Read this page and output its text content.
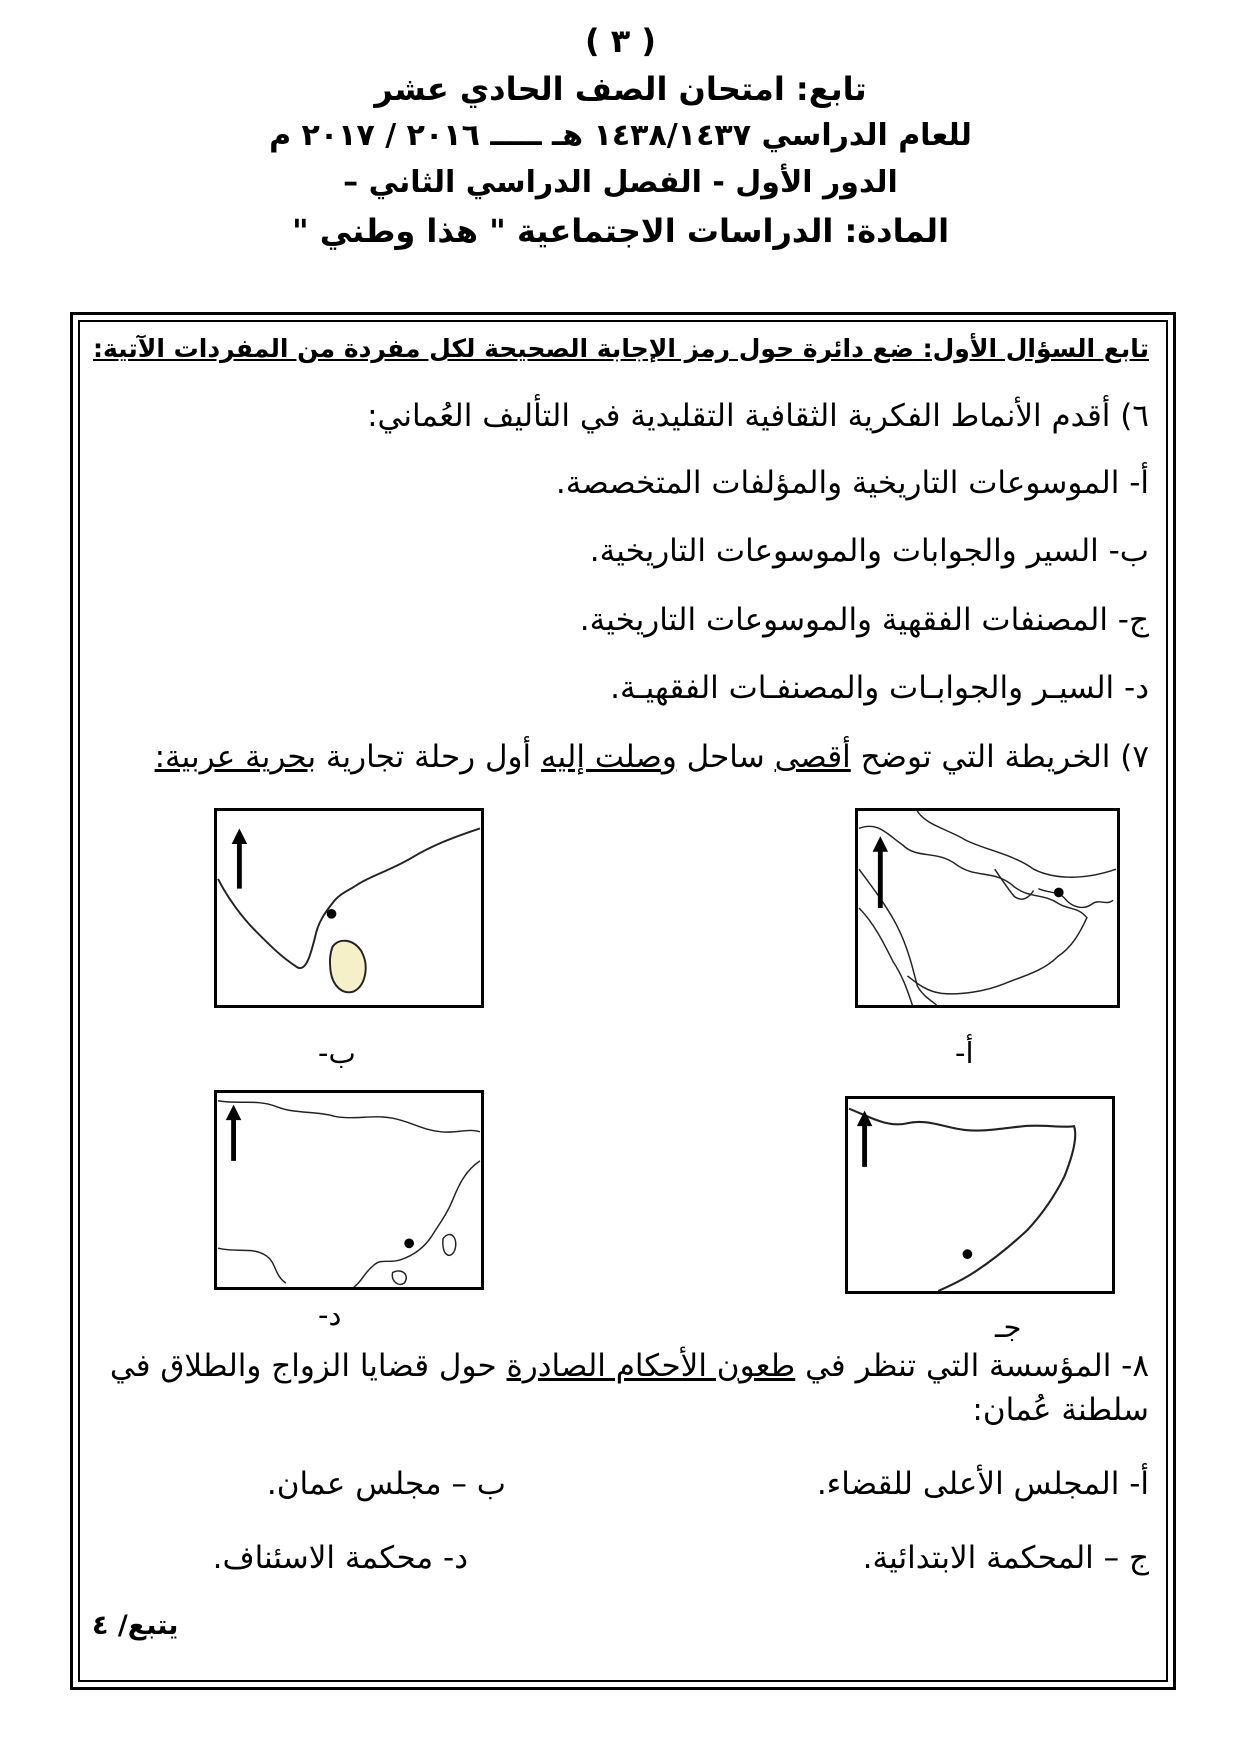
( ٣ )
تابع: امتحان الصف الحادي عشر
للعام الدراسي ١٤٣٨/١٤٣٧ هـ ـــــ ٢٠١٦ / ٢٠١٧ م
الدور الأول - الفصل الدراسي الثاني –
المادة: الدراسات الاجتماعية " هذا وطني "
تابع السؤال الأول: ضع دائرة حول رمز الإجابة الصحيحة لكل مفردة من المفردات الآتية:
٦) أقدم الأنماط الفكرية الثقافية التقليدية في التأليف العُماني:
أ- الموسوعات التاريخية والمؤلفات المتخصصة.
ب- السير والجوابات والموسوعات التاريخية.
ج- المصنفات الفقهية والموسوعات التاريخية.
د- السيـر والجوابـات والمصنفـات الفقهيـة.
٧) الخريطة التي توضح أقصى ساحل وصلت إليه أول رحلة تجارية بحرية عربية:
أ-
ب-
جـ
د-
٨- المؤسسة التي تنظر في طعون الأحكام الصادرة حول قضايا الزواج والطلاق في
سلطنة عُمان:
أ- المجلس الأعلى للقضاء.
ب – مجلس عمان.
ج – المحكمة الابتدائية.
د- محكمة الاسئناف.
يتبع/ ٤
